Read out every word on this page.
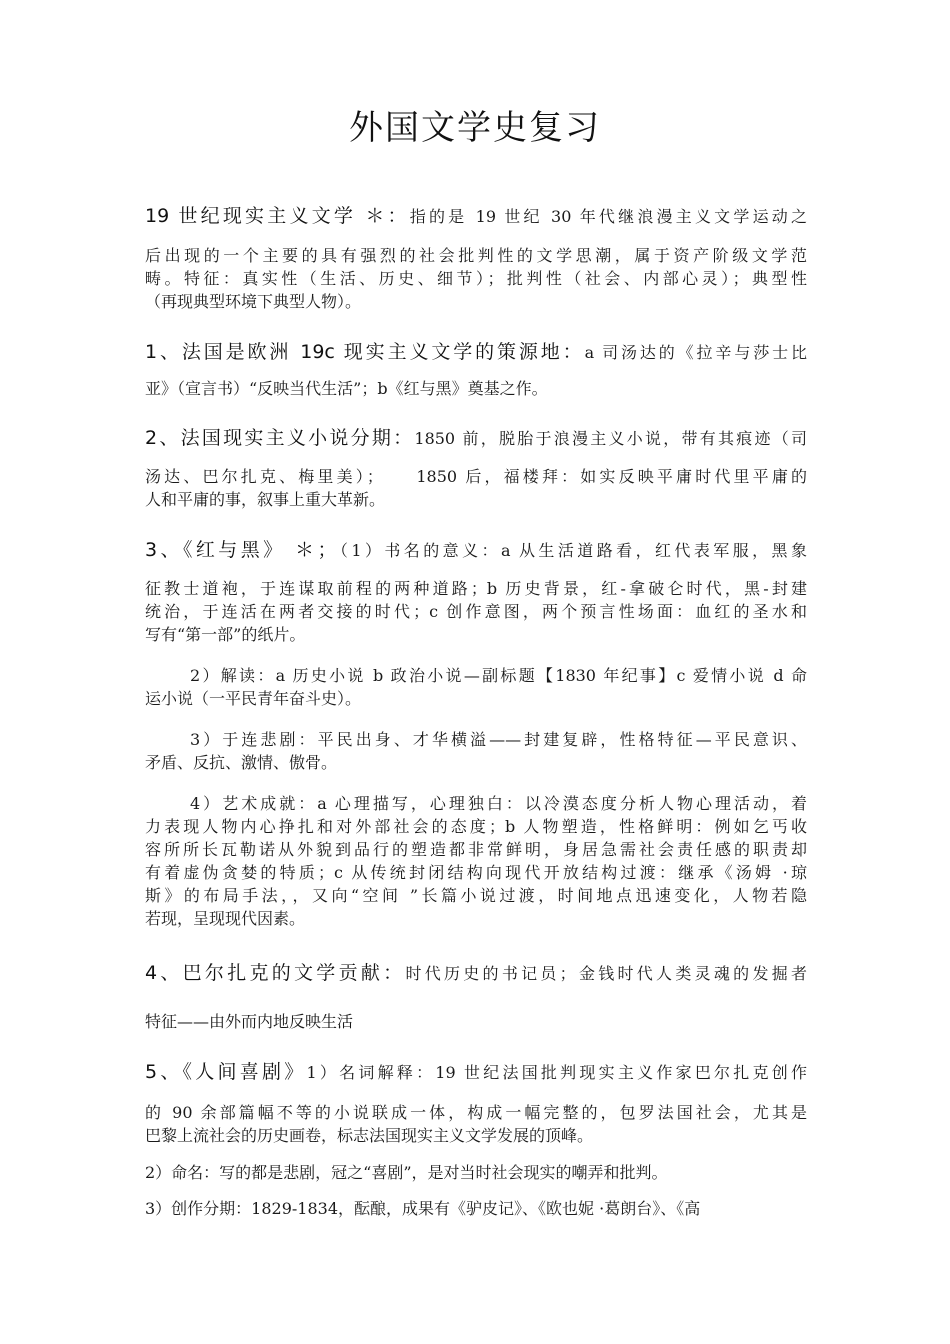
外国文学史复习
19 世纪现实主义文学 ＊：指的是 19 世纪 30 年代继浪漫主义文学运动之
后出现的一个主要的具有强烈的社会批判性的文学思潮，属于资产阶级文学范
畴。特征：真实性（生活、历史、细节）；批判性（社会、内部心灵）；典型性
（再现典型环境下典型人物）。
1、法国是欧洲 19c 现实主义文学的策源地：a 司汤达的《拉辛与莎士比
亚》（宣言书）“反映当代生活”；b《红与黑》奠基之作。
2、法国现实主义小说分期：1850 前，脱胎于浪漫主义小说，带有其痕迹（司
汤达、巴尔扎克、梅里美）；　　1850 后，福楼拜：如实反映平庸时代里平庸的
人和平庸的事，叙事上重大革新。
3、《红与黑》 ＊；（1）书名的意义：a 从生活道路看，红代表军服，黑象
征教士道袍，于连谋取前程的两种道路；b 历史背景，红-拿破仑时代，黑-封建
统治，于连活在两者交接的时代；c 创作意图，两个预言性场面：血红的圣水和
写有“第一部”的纸片。
2）解读：a 历史小说 b 政治小说—副标题【1830 年纪事】c 爱情小说 d 命
运小说（一平民青年奋斗史）。
3）于连悲剧：平民出身、才华横溢——封建复辟，性格特征—平民意识、
矛盾、反抗、激情、傲骨。
4）艺术成就：a 心理描写，心理独白：以冷漠态度分析人物心理活动，着
力表现人物内心挣扎和对外部社会的态度；b 人物塑造，性格鲜明：例如乞丐收
容所所长瓦勒诺从外貌到品行的塑造都非常鲜明，身居急需社会责任感的职责却
有着虚伪贪婪的特质；c 从传统封闭结构向现代开放结构过渡：继承《汤姆 ·琼
斯》的布局手法，，又向“空间 ”长篇小说过渡，时间地点迅速变化，人物若隐
若现，呈现现代因素。
4、巴尔扎克的文学贡献：时代历史的书记员；金钱时代人类灵魂的发掘者
特征——由外而内地反映生活
5、《人间喜剧》1）名词解释：19 世纪法国批判现实主义作家巴尔扎克创作
的 90 余部篇幅不等的小说联成一体，构成一幅完整的，包罗法国社会，尤其是
巴黎上流社会的历史画卷，标志法国现实主义文学发展的顶峰。
2）命名：写的都是悲剧，冠之“喜剧”，是对当时社会现实的嘲弄和批判。
3）创作分期：1829-1834，酝酿，成果有《驴皮记》、《欧也妮 ·葛朗台》、《高
